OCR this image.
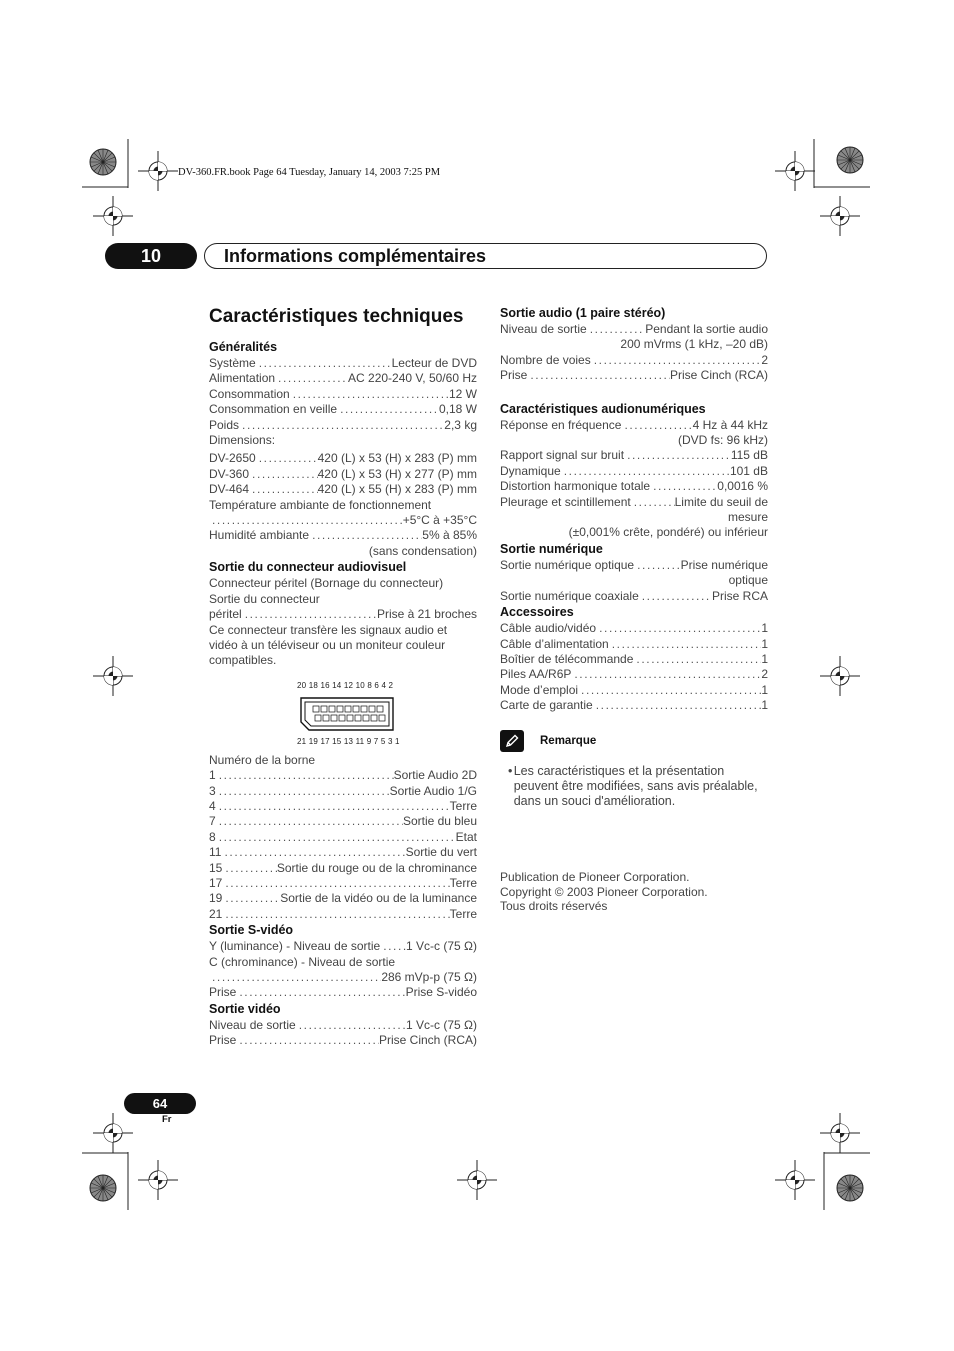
DV-360.FR.book Page 64 Tuesday, January 14, 2003 7:25 PM
10	Informations complémentaires
Caractéristiques techniques
Généralités
Système .....	Lecteur de DVD
Alimentation .....	AC 220-240 V, 50/60 Hz
Consommation .....	12 W
Consommation en veille .....	0,18 W
Poids .....	2,3 kg
Dimensions:
DV-2650 .....	420 (L) x 53 (H) x 283 (P) mm
DV-360 .....	420 (L) x 53 (H) x 277 (P) mm
DV-464 .....	420 (L) x 55 (H) x 283 (P) mm
Température ambiante de fonctionnement
.....
+5°C à +35°C
Humidité ambiante .....	5% à 85%
(sans condensation)
Sortie du connecteur audiovisuel
Connecteur péritel (Bornage du connecteur)
Sortie du connecteur
péritel .....	Prise à 21 broches
Ce connecteur transfère les signaux audio et vidéo à un téléviseur ou un moniteur couleur compatibles.
20 18 16 14 12 10 8 6 4 2
21 19 17 15 13 11 9 7 5 3 1
Numéro de la borne
1 .....	Sortie Audio 2D
3 .....	Sortie Audio 1/G
4 .....	Terre
7 .....	Sortie du bleu
8 .....	Etat
11 .....	Sortie du vert
15 .....	Sortie du rouge ou de la chrominance
17 .....	Terre
19 .....	Sortie de la vidéo ou de la luminance
21 .....	Terre
Sortie S-vidéo
Y (luminance) - Niveau de sortie ..... 1 Vc-c (75 Ω)
C (chrominance) - Niveau de sortie
.....
286 mVp-p (75 Ω)
Prise .....	Prise S-vidéo
Sortie vidéo
Niveau de sortie .....	1 Vc-c (75 Ω)
Prise .....	Prise Cinch (RCA)
Sortie audio (1 paire stéréo)
Niveau de sortie .....	Pendant la sortie audio
200 mVrms (1 kHz, –20 dB)
Nombre de voies .....	2
Prise .....	Prise Cinch (RCA)
Caractéristiques audionumériques
Réponse en fréquence .....	4 Hz à 44 kHz
(DVD fs: 96 kHz)
Rapport signal sur bruit .....	115 dB
Dynamique .....	101 dB
Distortion harmonique totale .....	0,0016 %
Pleurage et scintillement .....	Limite du seuil de
mesure
(±0,001% crête, pondéré) ou inférieur
Sortie numérique
Sortie numérique optique .....	Prise numérique
optique
Sortie numérique coaxiale .....	Prise RCA
Accessoires
Câble audio/vidéo .....	1
Câble d’alimentation .....	1
Boîtier de télécommande .....	1
Piles AA/R6P .....	2
Mode d’emploi .....	1
Carte de garantie .....	1
Remarque
• Les caractéristiques et la présentation peuvent être modifiées, sans avis préalable, dans un souci d'amélioration.
Publication de Pioneer Corporation.
Copyright © 2003 Pioneer Corporation.
Tous droits réservés
64
Fr
